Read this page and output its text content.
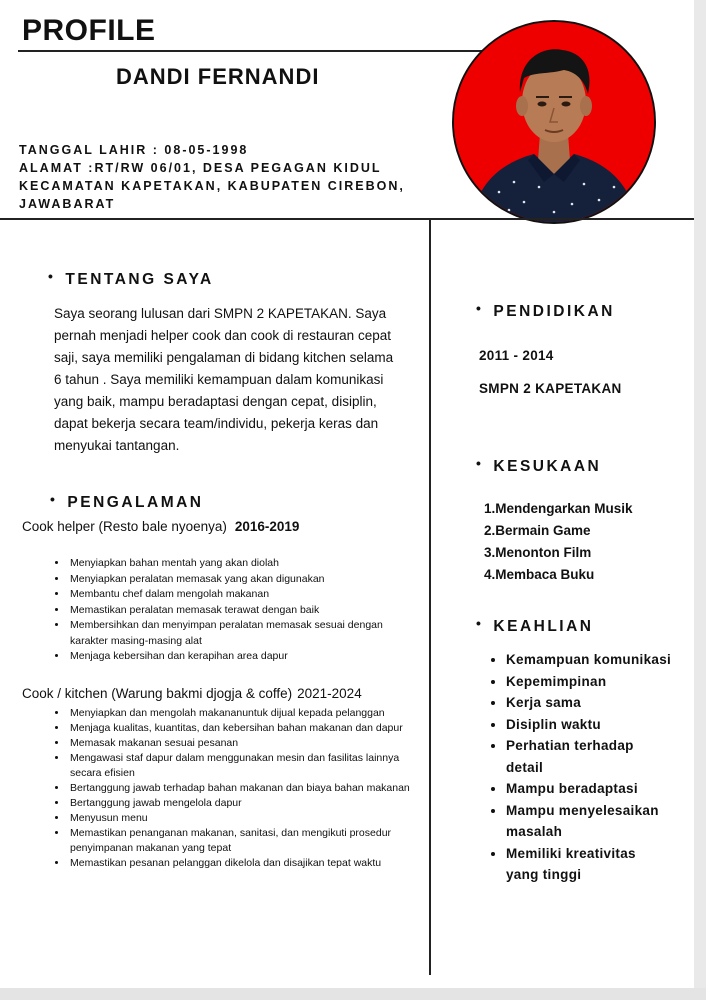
PROFILE
DANDI FERNANDI
TANGGAL LAHIR : 08-05-1998
ALAMAT :RT/RW 06/01, DESA PEGAGAN KIDUL
KECAMATAN KAPETAKAN, KABUPATEN CIREBON,
JAWABARAT
• TENTANG SAYA
Saya seorang lulusan dari SMPN 2 KAPETAKAN. Saya pernah menjadi helper cook dan cook di restauran cepat saji, saya memiliki pengalaman di bidang kitchen selama 6 tahun . Saya memiliki kemampuan dalam komunikasi yang baik, mampu beradaptasi dengan cepat, disiplin, dapat bekerja secara team/individu, pekerja keras dan menyukai tantangan.
• PENGALAMAN
Cook helper (Resto bale nyoenya) 2016-2019
• Menyiapkan bahan mentah yang akan diolah
• Menyiapkan peralatan memasak yang akan digunakan
• Membantu chef dalam mengolah makanan
• Memastikan peralatan memasak terawat dengan baik
• Membersihkan dan menyimpan peralatan memasak sesuai dengan karakter masing-masing alat
• Menjaga kebersihan dan kerapihan area dapur
Cook / kitchen (Warung bakmi djogja & coffe) 2021-2024
• Menyiapkan dan mengolah makananuntuk dijual kepada pelanggan
• Menjaga kualitas, kuantitas, dan kebersihan bahan makanan dan dapur
• Memasak makanan sesuai pesanan
• Mengawasi staf dapur dalam menggunakan mesin dan fasilitas lainnya secara efisien
• Bertanggung jawab terhadap bahan makanan dan biaya bahan makanan
• Bertanggung jawab mengelola dapur
• Menyusun menu
• Memastikan penanganan makanan, sanitasi, dan mengikuti prosedur penyimpanan makanan yang tepat
• Memastikan pesanan pelanggan dikelola dan disajikan tepat waktu
• PENDIDIKAN
2011 - 2014
SMPN 2 KAPETAKAN
• KESUKAAN
1.Mendengarkan Musik
2.Bermain Game
3.Menonton Film
4.Membaca Buku
• KEAHLIAN
• Kemampuan komunikasi
• Kepemimpinan
• Kerja sama
• Disiplin waktu
• Perhatian terhadap detail
• Mampu beradaptasi
• Mampu menyelesaikan masalah
• Memiliki kreativitas yang tinggi
